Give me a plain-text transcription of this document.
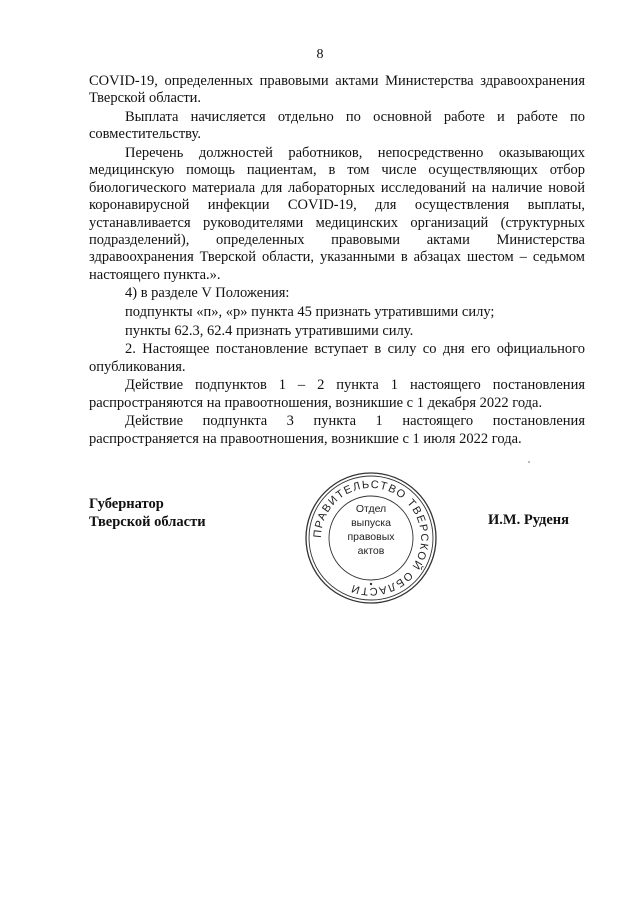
8

COVID-19, определенных правовыми актами Министерства здравоохранения Тверской области.

Выплата начисляется отдельно по основной работе и работе по совместительству.

Перечень должностей работников, непосредственно оказывающих медицинскую помощь пациентам, в том числе осуществляющих отбор биологического материала для лабораторных исследований на наличие новой коронавирусной инфекции COVID-19, для осуществления выплаты, устанавливается руководителями медицинских организаций (структурных подразделений), определенных правовыми актами Министерства здравоохранения Тверской области, указанными в абзацах шестом – седьмом настоящего пункта.».

4) в разделе V Положения:

подпункты «п», «р» пункта 45 признать утратившими силу;

пункты 62.3, 62.4 признать утратившими силу.

2. Настоящее постановление вступает в силу со дня его официального опубликования.

Действие подпунктов 1 – 2 пункта 1 настоящего постановления распространяются на правоотношения, возникшие с 1 декабря 2022 года.

Действие подпункта 3 пункта 1 настоящего постановления распространяется на правоотношения, возникшие с 1 июля 2022 года.

Губернатор
Тверской области
ПРАВИТЕЛЬСТВО ТВЕРСКОЙ ОБЛАСТИ
Отдел
выпуска
правовых
актов
И.М. Руденя
